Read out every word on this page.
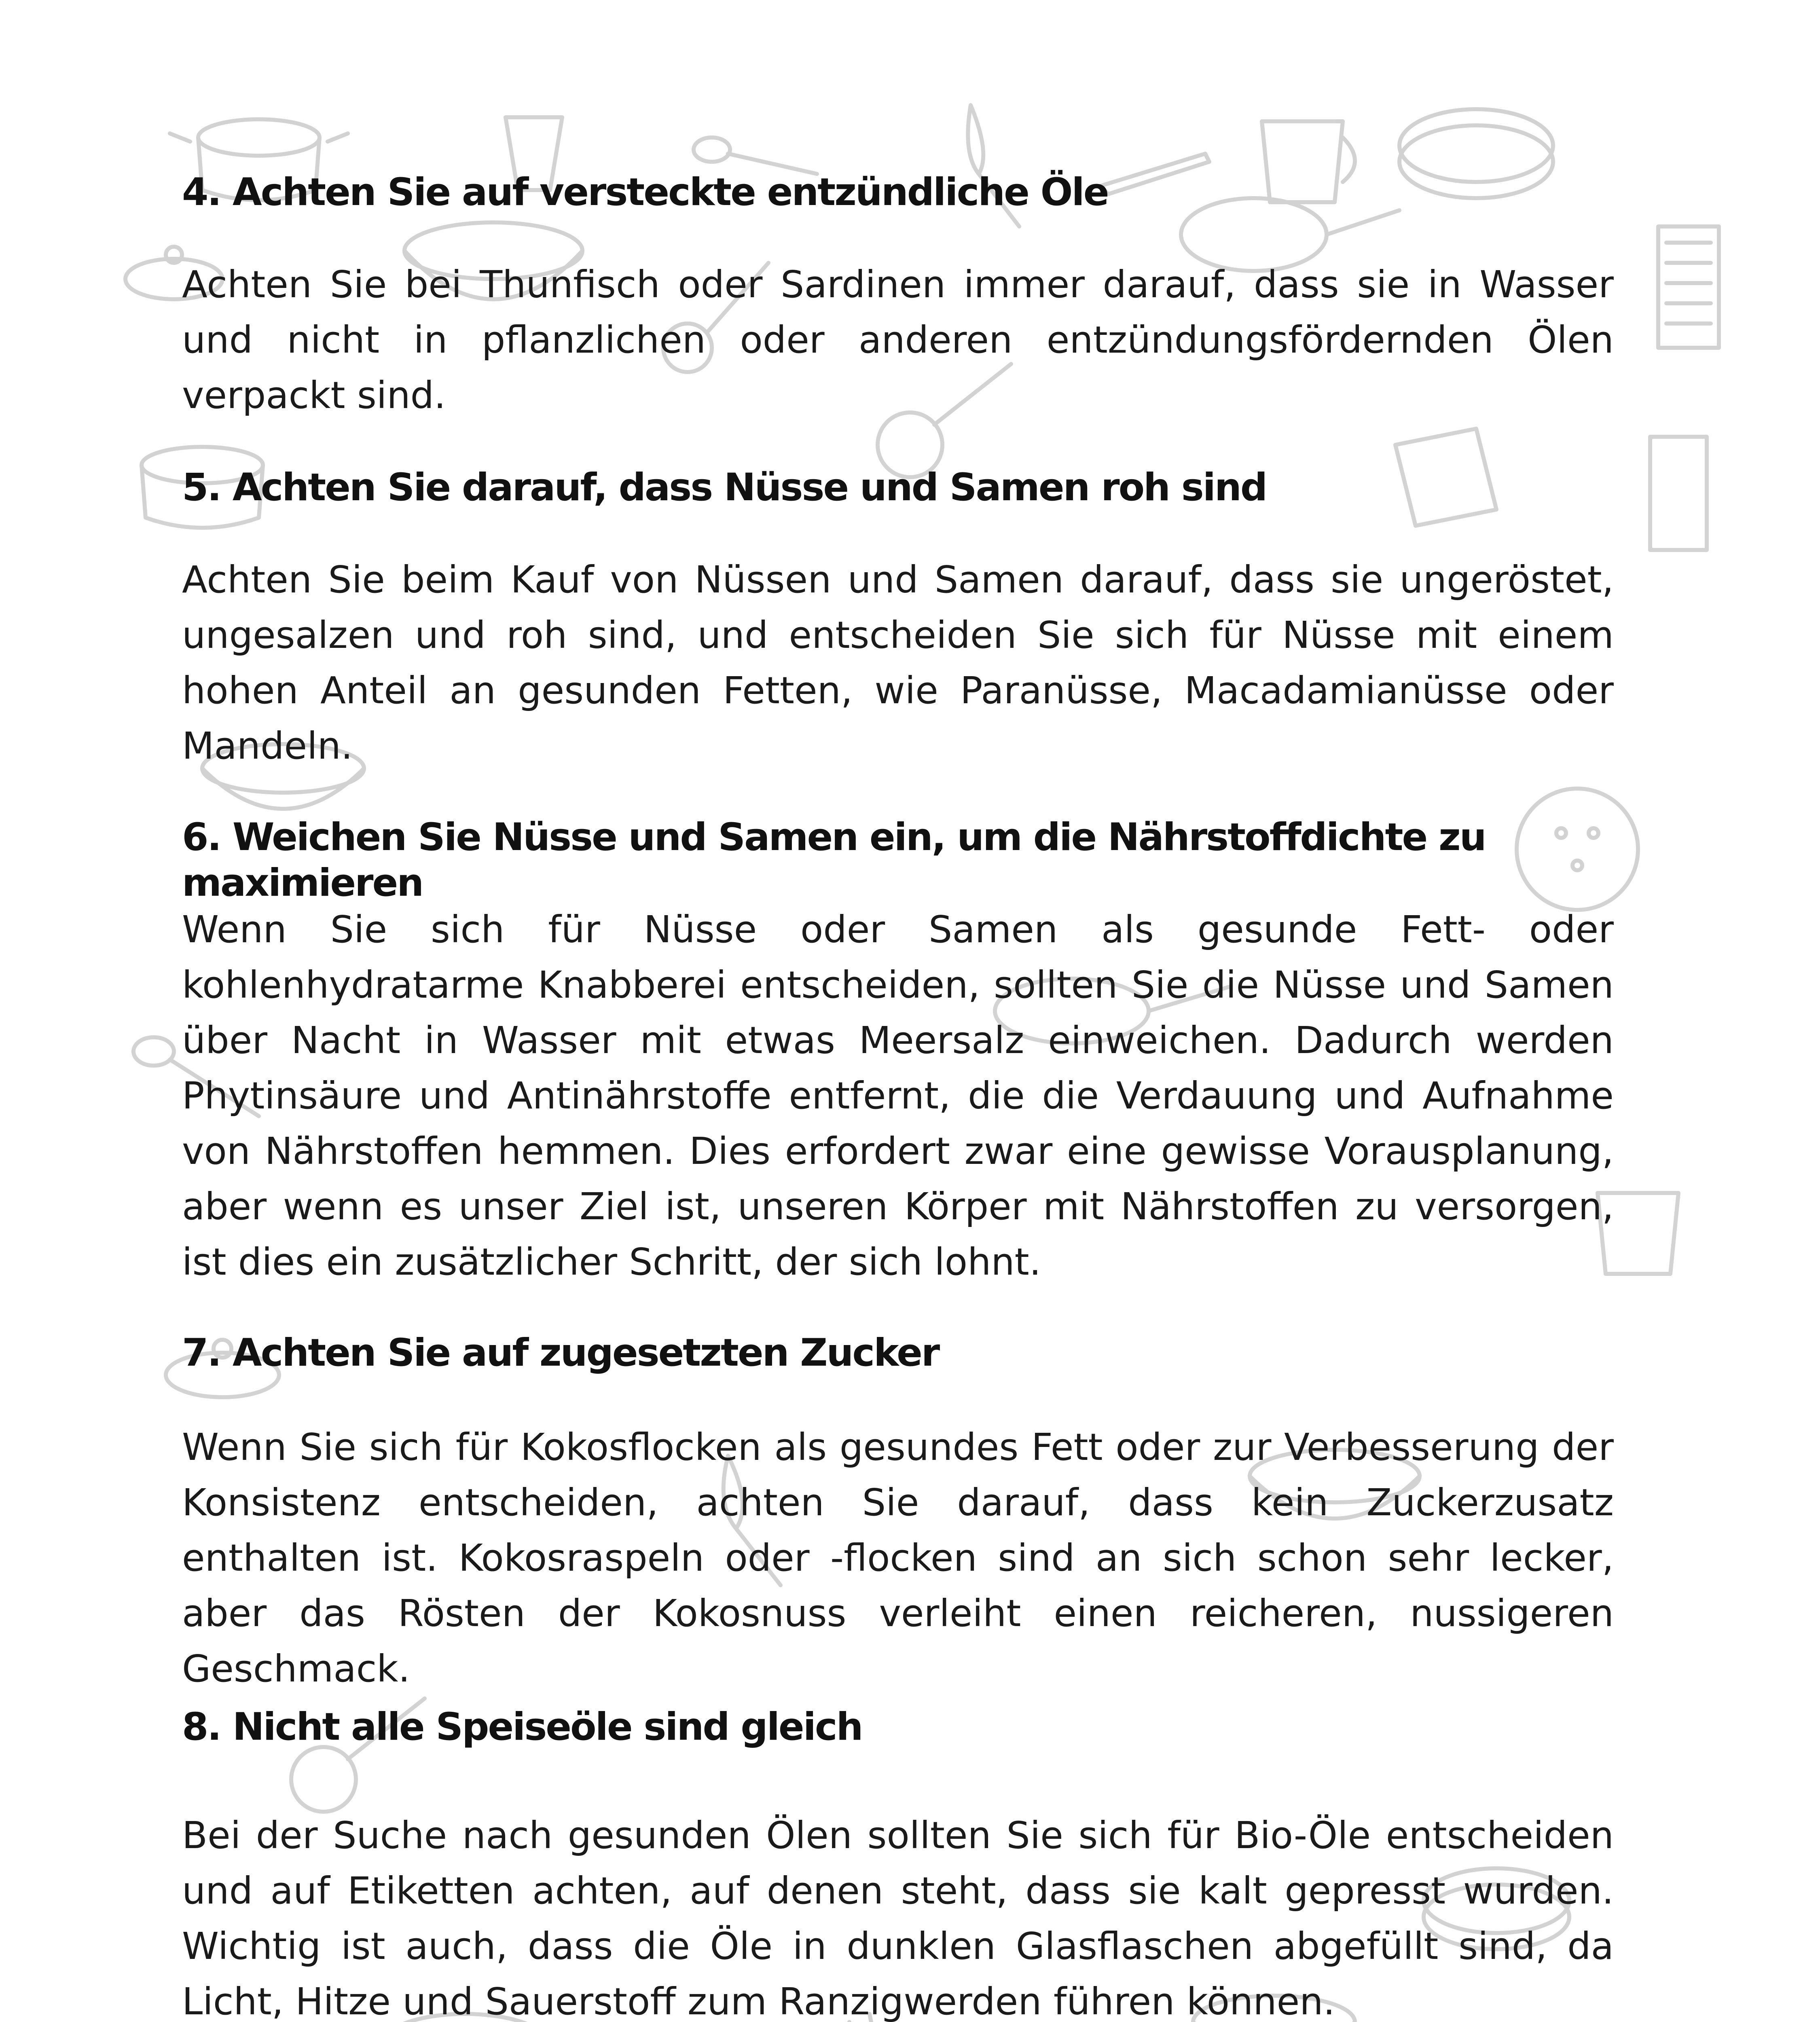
4. Achten Sie auf versteckte entzündliche Öle

Achten Sie bei Thunfisch oder Sardinen immer darauf, dass sie in Wasser und nicht in pflanzlichen oder anderen entzündungsfördernden Ölen verpackt sind.

5. Achten Sie darauf, dass Nüsse und Samen roh sind

Achten Sie beim Kauf von Nüssen und Samen darauf, dass sie ungeröstet, ungesalzen und roh sind, und entscheiden Sie sich für Nüsse mit einem hohen Anteil an gesunden Fetten, wie Paranüsse, Macadamianüsse oder Mandeln.

6. Weichen Sie Nüsse und Samen ein, um die Nährstoffdichte zu maximieren

Wenn Sie sich für Nüsse oder Samen als gesunde Fett- oder kohlenhydratarme Knabberei entscheiden, sollten Sie die Nüsse und Samen über Nacht in Wasser mit etwas Meersalz einweichen. Dadurch werden Phytinsäure und Antinährstoffe entfernt, die die Verdauung und Aufnahme von Nährstoffen hemmen. Dies erfordert zwar eine gewisse Vorausplanung, aber wenn es unser Ziel ist, unseren Körper mit Nährstoffen zu versorgen, ist dies ein zusätzlicher Schritt, der sich lohnt.

7. Achten Sie auf zugesetzten Zucker

Wenn Sie sich für Kokosflocken als gesundes Fett oder zur Verbesserung der Konsistenz entscheiden, achten Sie darauf, dass kein Zuckerzusatz enthalten ist. Kokosraspeln oder -flocken sind an sich schon sehr lecker, aber das Rösten der Kokosnuss verleiht einen reicheren, nussigeren Geschmack.

8. Nicht alle Speiseöle sind gleich

Bei der Suche nach gesunden Ölen sollten Sie sich für Bio-Öle entscheiden und auf Etiketten achten, auf denen steht, dass sie kalt gepresst wurden. Wichtig ist auch, dass die Öle in dunklen Glasflaschen abgefüllt sind, da Licht, Hitze und Sauerstoff zum Ranzigwerden führen können.
